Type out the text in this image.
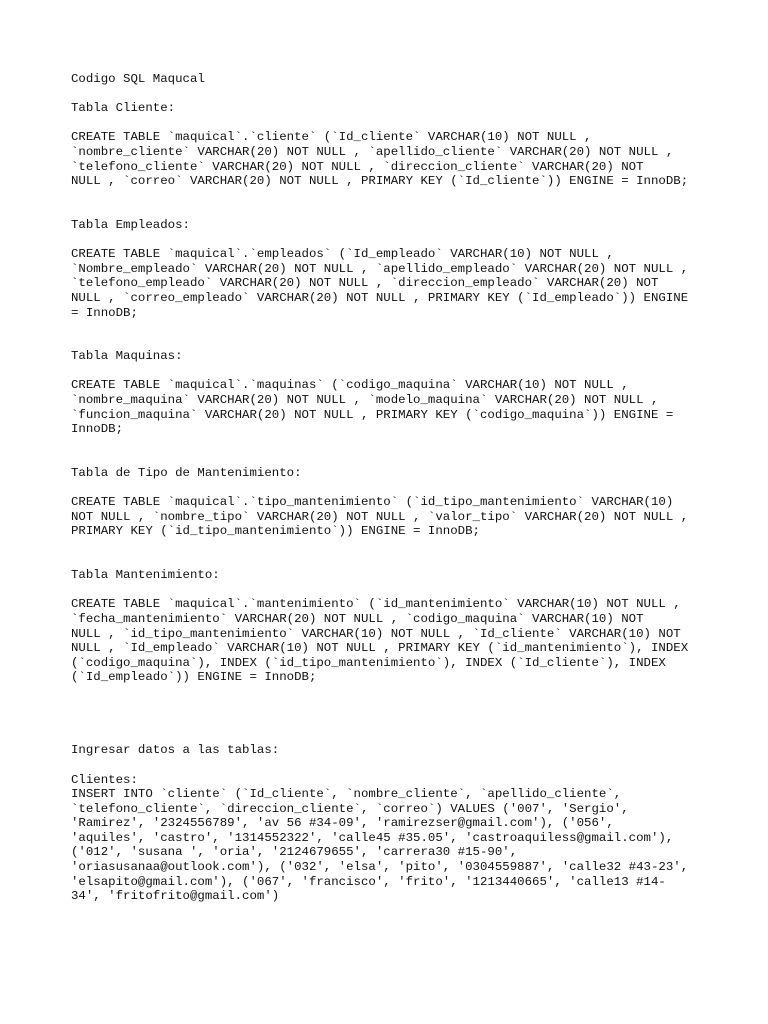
Codigo SQL Maqucal
Tabla Cliente:
CREATE TABLE `maquical`.`cliente` (`Id_cliente` VARCHAR(10) NOT NULL ,
`nombre_cliente` VARCHAR(20) NOT NULL , `apellido_cliente` VARCHAR(20) NOT NULL ,
`telefono_cliente` VARCHAR(20) NOT NULL , `direccion_cliente` VARCHAR(20) NOT
NULL , `correo` VARCHAR(20) NOT NULL , PRIMARY KEY (`Id_cliente`)) ENGINE = InnoDB;
Tabla Empleados:
CREATE TABLE `maquical`.`empleados` (`Id_empleado` VARCHAR(10) NOT NULL ,
`Nombre_empleado` VARCHAR(20) NOT NULL , `apellido_empleado` VARCHAR(20) NOT NULL ,
`telefono_empleado` VARCHAR(20) NOT NULL , `direccion_empleado` VARCHAR(20) NOT
NULL , `correo_empleado` VARCHAR(20) NOT NULL , PRIMARY KEY (`Id_empleado`)) ENGINE
= InnoDB;
Tabla Maquinas:
CREATE TABLE `maquical`.`maquinas` (`codigo_maquina` VARCHAR(10) NOT NULL ,
`nombre_maquina` VARCHAR(20) NOT NULL , `modelo_maquina` VARCHAR(20) NOT NULL ,
`funcion_maquina` VARCHAR(20) NOT NULL , PRIMARY KEY (`codigo_maquina`)) ENGINE =
InnoDB;
Tabla de Tipo de Mantenimiento:
CREATE TABLE `maquical`.`tipo_mantenimiento` (`id_tipo_mantenimiento` VARCHAR(10)
NOT NULL , `nombre_tipo` VARCHAR(20) NOT NULL , `valor_tipo` VARCHAR(20) NOT NULL ,
PRIMARY KEY (`id_tipo_mantenimiento`)) ENGINE = InnoDB;
Tabla Mantenimiento:
CREATE TABLE `maquical`.`mantenimiento` (`id_mantenimiento` VARCHAR(10) NOT NULL ,
`fecha_mantenimiento` VARCHAR(20) NOT NULL , `codigo_maquina` VARCHAR(10) NOT
NULL , `id_tipo_mantenimiento` VARCHAR(10) NOT NULL , `Id_cliente` VARCHAR(10) NOT
NULL , `Id_empleado` VARCHAR(10) NOT NULL , PRIMARY KEY (`id_mantenimiento`), INDEX
(`codigo_maquina`), INDEX (`id_tipo_mantenimiento`), INDEX (`Id_cliente`), INDEX
(`Id_empleado`)) ENGINE = InnoDB;
Ingresar datos a las tablas:
Clientes:
INSERT INTO `cliente` (`Id_cliente`, `nombre_cliente`, `apellido_cliente`,
`telefono_cliente`, `direccion_cliente`, `correo`) VALUES ('007', 'Sergio',
'Ramirez', '2324556789', 'av 56 #34-09', 'ramirezser@gmail.com'), ('056',
'aquiles', 'castro', '1314552322', 'calle45 #35.05', 'castroaquiless@gmail.com'),
('012', 'susana ', 'oria', '2124679655', 'carrera30 #15-90',
'oriasusanaa@outlook.com'), ('032', 'elsa', 'pito', '0304559887', 'calle32 #43-23',
'elsapito@gmail.com'), ('067', 'francisco', 'frito', '1213440665', 'calle13 #14-
34', 'fritofrito@gmail.com')
